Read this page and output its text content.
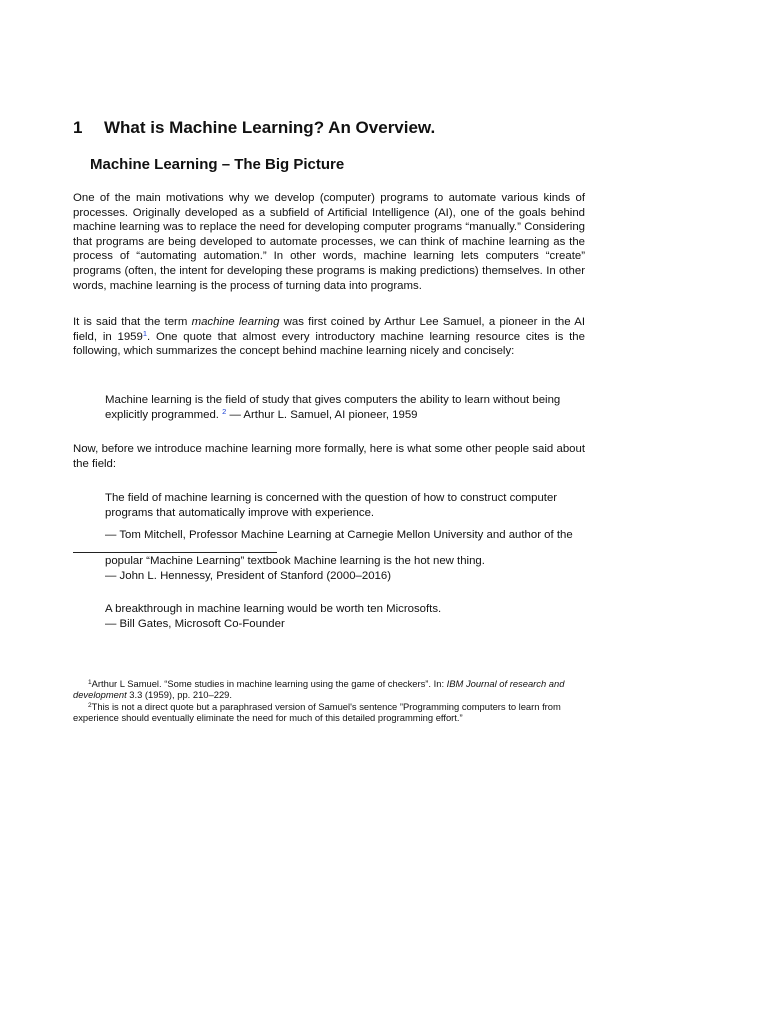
1 What is Machine Learning? An Overview.
Machine Learning – The Big Picture

One of the main motivations why we develop (computer) programs to automate various kinds of processes. Originally developed as a subfield of Artificial Intelligence (AI), one of the goals behind machine learning was to replace the need for developing computer programs “manually.” Considering that programs are being developed to automate processes, we can think of machine learning as the process of “automating automation.” In other words, machine learning lets computers “create” programs (often, the intent for developing these programs is making predictions) themselves. In other words, machine learning is the process of turning data into programs.

It is said that the term machine learning was first coined by Arthur Lee Samuel, a pioneer in the AI field, in 1959$^1$. One quote that almost every introductory machine learning resource cites is the following, which summarizes the concept behind machine learning nicely and concisely:

Machine learning is the field of study that gives computers the ability to learn without being explicitly programmed. $^2$ — Arthur L. Samuel, AI pioneer, 1959

Now, before we introduce machine learning more formally, here is what some other people said about the field:

The field of machine learning is concerned with the question of how to construct computer programs that automatically improve with experience.

— Tom Mitchell, Professor Machine Learning at Carnegie Mellon University and author of the

popular “Machine Learning” textbook Machine learning is the hot new thing.
— John L. Hennessy, President of Stanford (2000–2016)

A breakthrough in machine learning would be worth ten Microsofts.
— Bill Gates, Microsoft Co-Founder

$^1$Arthur L Samuel. “Some studies in machine learning using the game of checkers”. In: IBM Journal of research and development 3.3 (1959), pp. 210–229.

$^2$This is not a direct quote but a paraphrased version of Samuel's sentence ”Programming computers to learn from experience should eventually eliminate the need for much of this detailed programming effort.”
